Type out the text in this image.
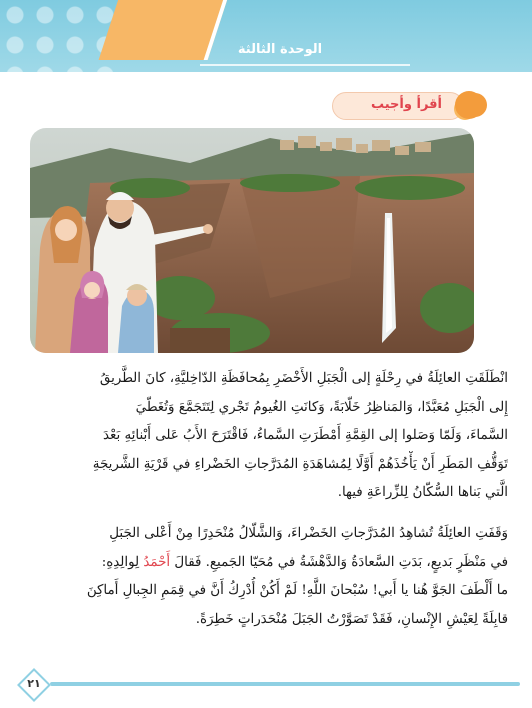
الوحدة الثالثة
أقرأ وأجيب
انْطَلَقَتِ العائِلَةُ في رِحْلَةٍ إلى الْجَبَلِ الأَخْضَرِ بِمُحافَظَةِ الدّاخِليَّةِ، كانَ الطَّريقُ
إِلى الْجَبَلِ مُعَبَّدًا، وَالمَناظِرُ خَلّابَةً، وَكانَتِ الغُيومُ تَجْري لِتَتَجَمَّعَ وَتُغَطّيَ
السَّماءَ، وَلَمّا وَصَلوا إلى القِمَّةِ أَمْطَرَتِ السَّماءُ، فَاقْتَرَحَ الأَبُ عَلى أَبْنائِهِ بَعْدَ
تَوَقُّفِ المَطَرِ أَنْ يَأْخُذَهُمْ أَوَّلًا لِمُشاهَدَةِ المُدَرَّجاتِ الخَضْراءِ في قَرْيَةِ الشَّريجَةِ
الَّتي بَناها السُّكّانُ لِلزِّراعَةِ فيها.
وَقَفَتِ العائِلَةُ تُشاهِدُ المُدَرَّجاتِ الخَضْراءَ، وَالشَّلّالُ مُنْحَدِرًا مِنْ أَعْلى الجَبَلِ
في مَنْظَرٍ بَديعٍ، بَدَتِ السَّعادَةُ وَالدَّهْشَةُ في مُحَيّا الجَميعِ. فَقالَ أَحْمَدُ لِوالِدِهِ:
ما أَلْطَفَ الجَوَّ هُنا يا أَبي! سُبْحانَ اللَّهِ! لَمْ أَكُنْ أُدْرِكُ أَنَّ في قِمَمِ الجِبالِ أَماكِنَ
قابِلَةً لِعَيْشِ الإِنْسانِ، فَقَدْ تَصَوَّرْتُ الجَبَلَ مُنْحَدَراتٍ خَطِرَةً.
٢١
